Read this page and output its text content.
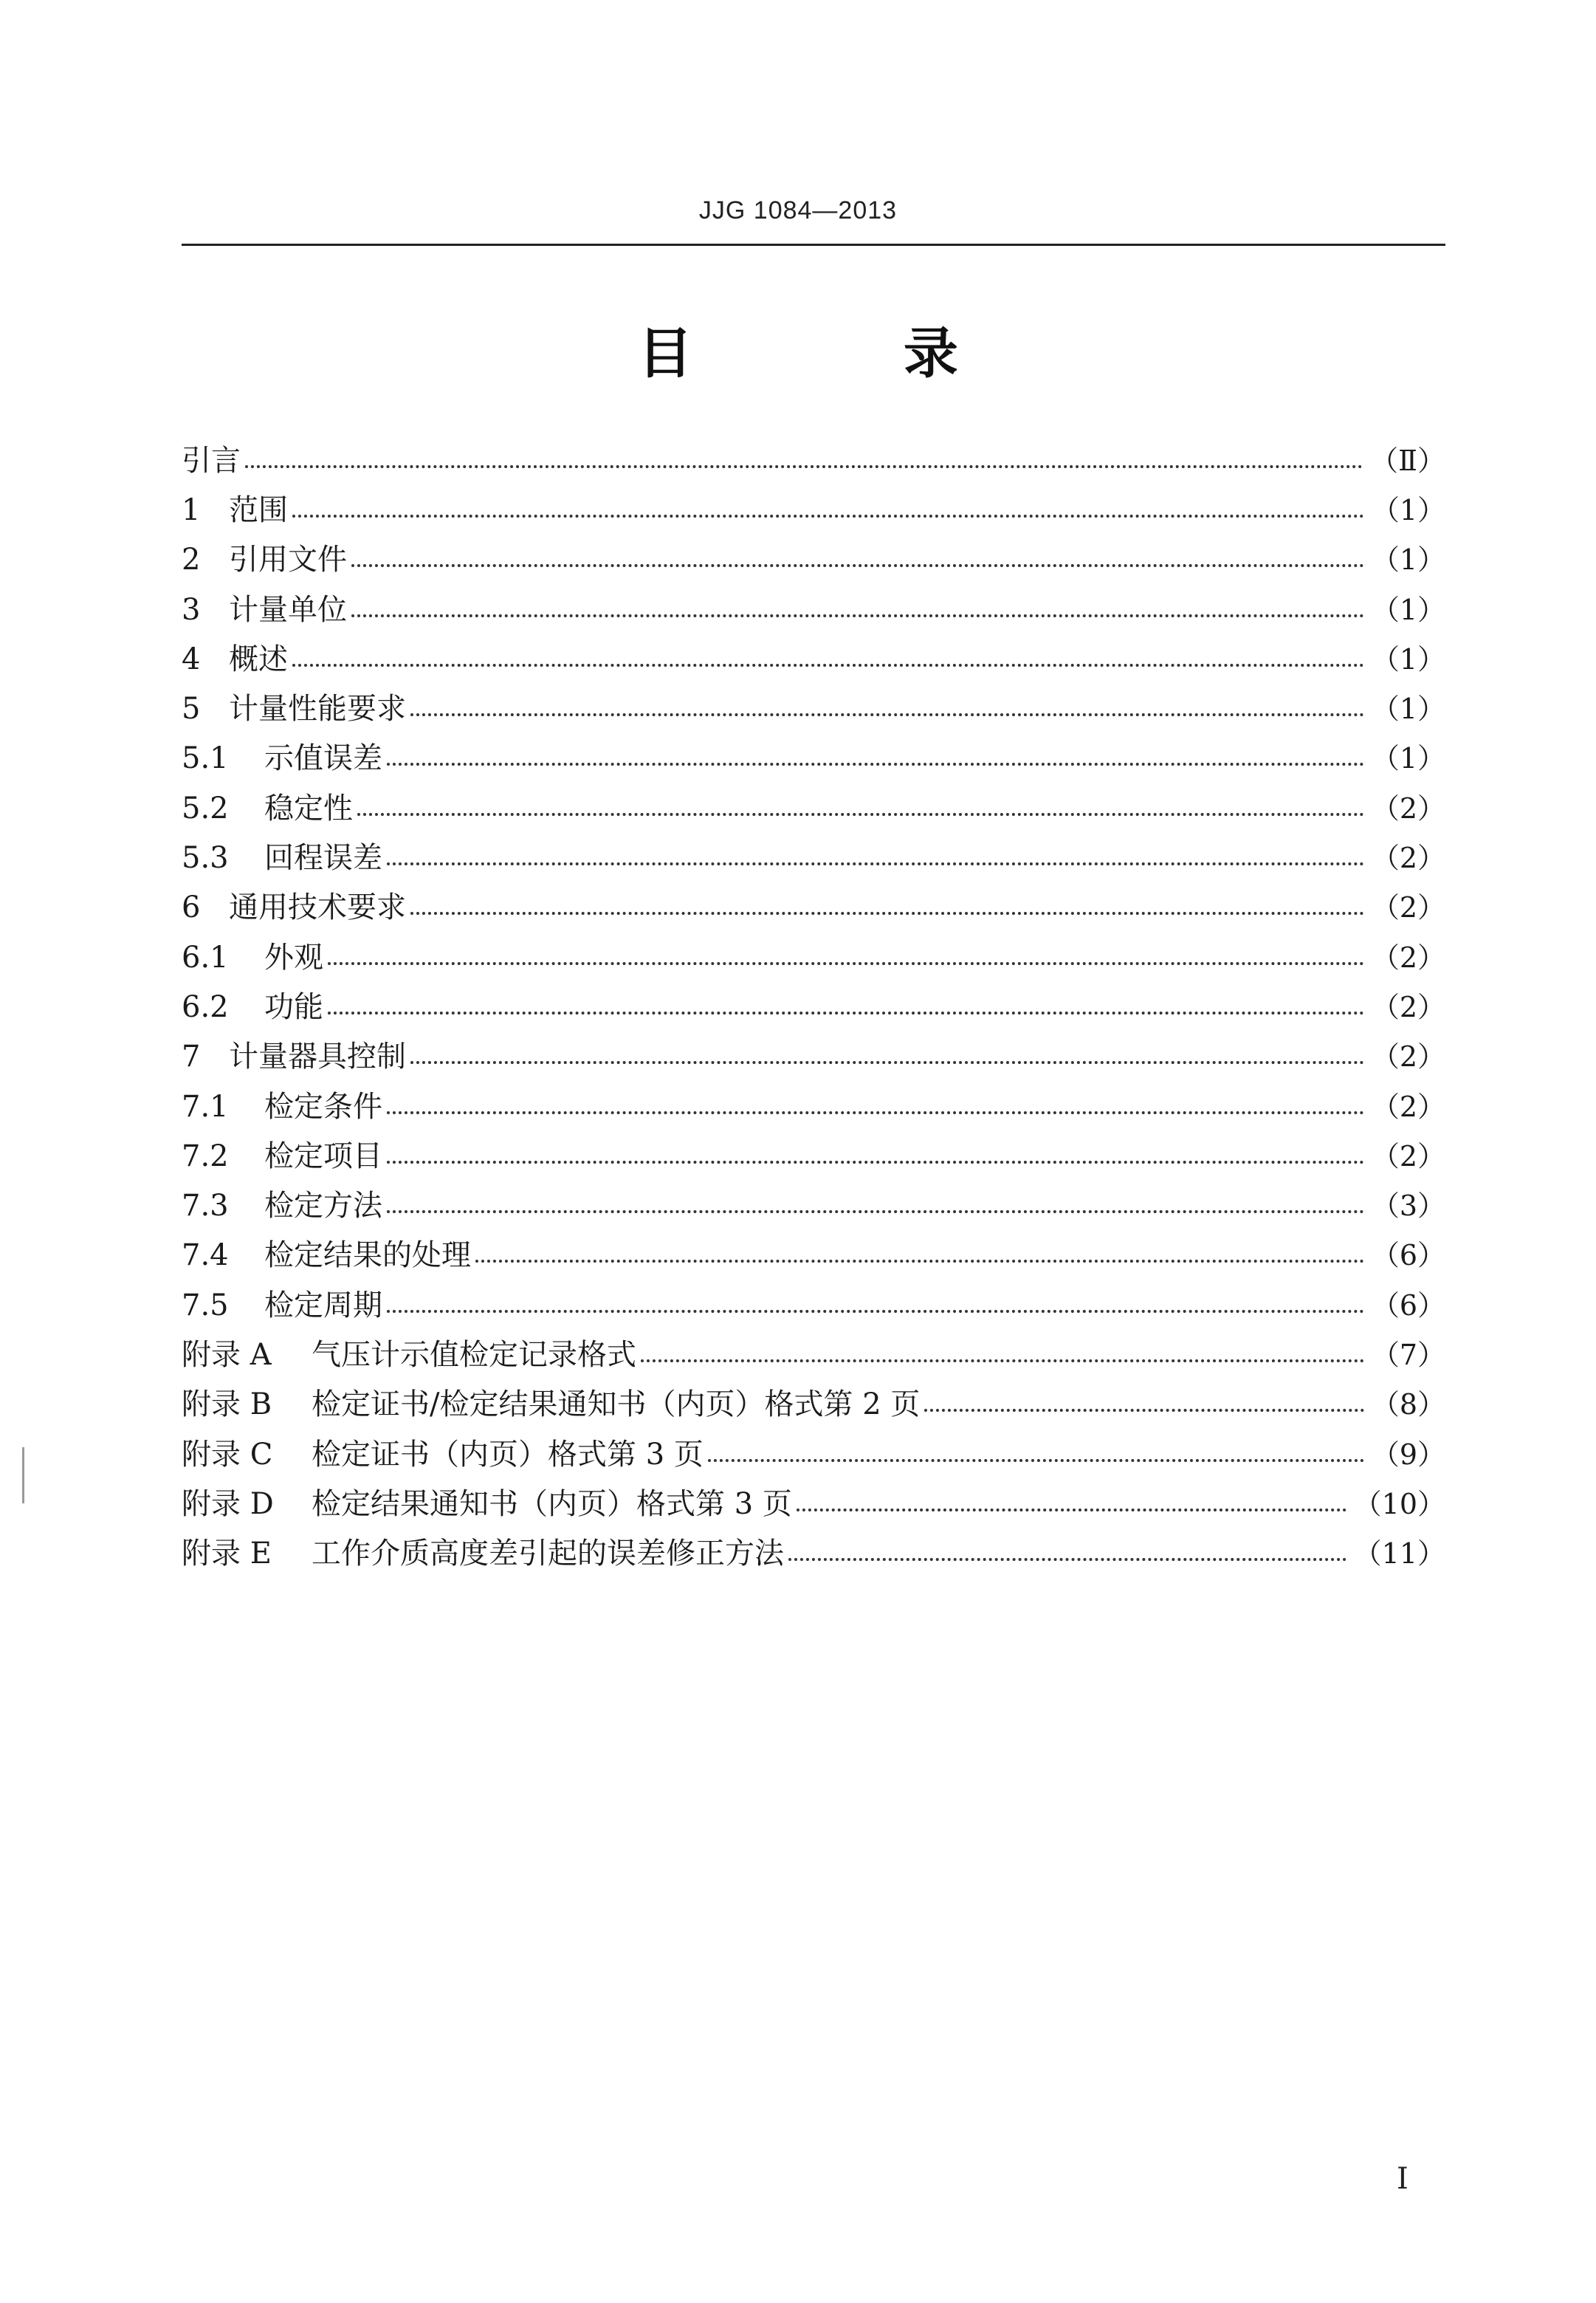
JJG 1084—2013
目 录
引言	（Ⅱ）
1 范围	（1）
2 引用文件	（1）
3 计量单位	（1）
4 概述	（1）
5 计量性能要求	（1）
5.1	示值误差	（1）
5.2	稳定性	（2）
5.3	回程误差	（2）
6 通用技术要求	（2）
6.1	外观	（2）
6.2	功能	（2）
7 计量器具控制	（2）
7.1	检定条件	（2）
7.2	检定项目	（2）
7.3	检定方法	（3）
7.4	检定结果的处理	（6）
7.5	检定周期	（6）
附录 A	气压计示值检定记录格式	（7）
附录 B	检定证书/检定结果通知书（内页）格式第 2 页	（8）
附录 C	检定证书（内页）格式第 3 页	（9）
附录 D	检定结果通知书（内页）格式第 3 页	（10）
附录 E	工作介质高度差引起的误差修正方法	（11）
I
